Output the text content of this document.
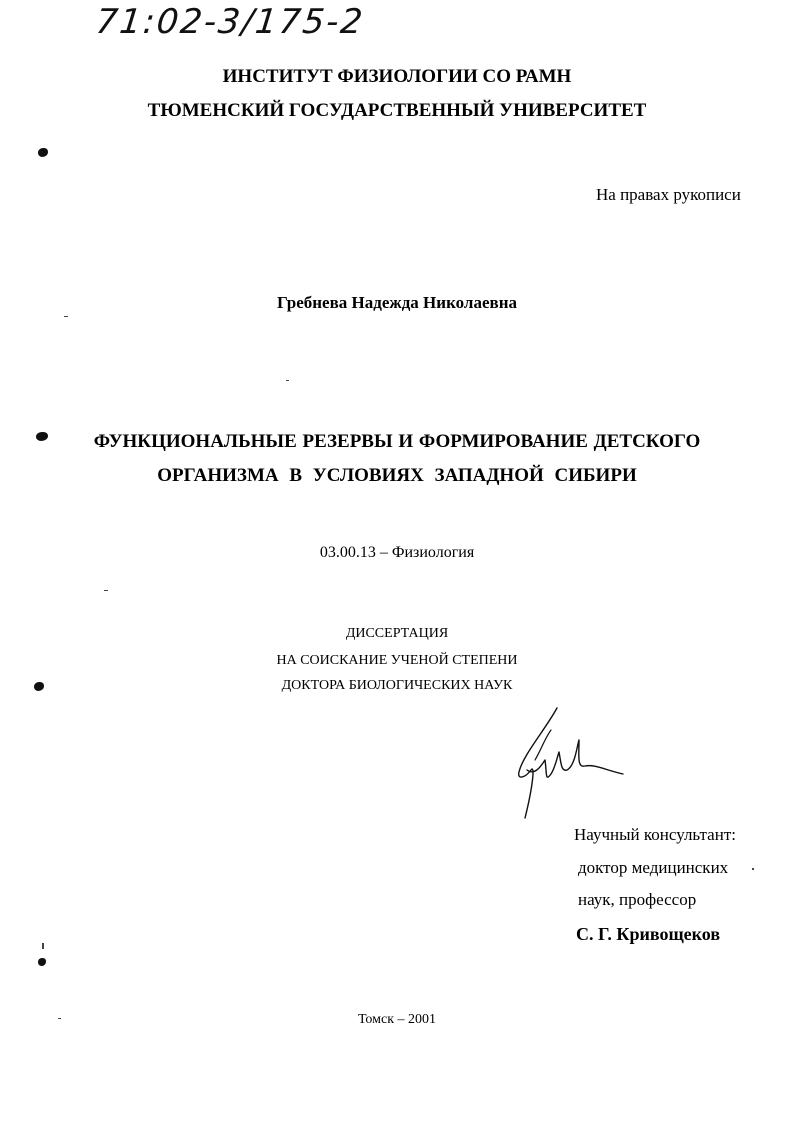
71:02-3/175-2
ИНСТИТУТ ФИЗИОЛОГИИ СО РАМН
ТЮМЕНСКИЙ ГОСУДАРСТВЕННЫЙ УНИВЕРСИТЕТ
На правах рукописи
Гребнева Надежда Николаевна
ФУНКЦИОНАЛЬНЫЕ РЕЗЕРВЫ И ФОРМИРОВАНИЕ ДЕТСКОГО
ОРГАНИЗМА В УСЛОВИЯХ ЗАПАДНОЙ СИБИРИ
03.00.13 – Физиология
ДИССЕРТАЦИЯ
НА СОИСКАНИЕ УЧЕНОЙ СТЕПЕНИ
ДОКТОРА БИОЛОГИЧЕСКИХ НАУК
Научный консультант:
доктор медицинских
наук, профессор
С. Г. Кривощеков
Томск – 2001
